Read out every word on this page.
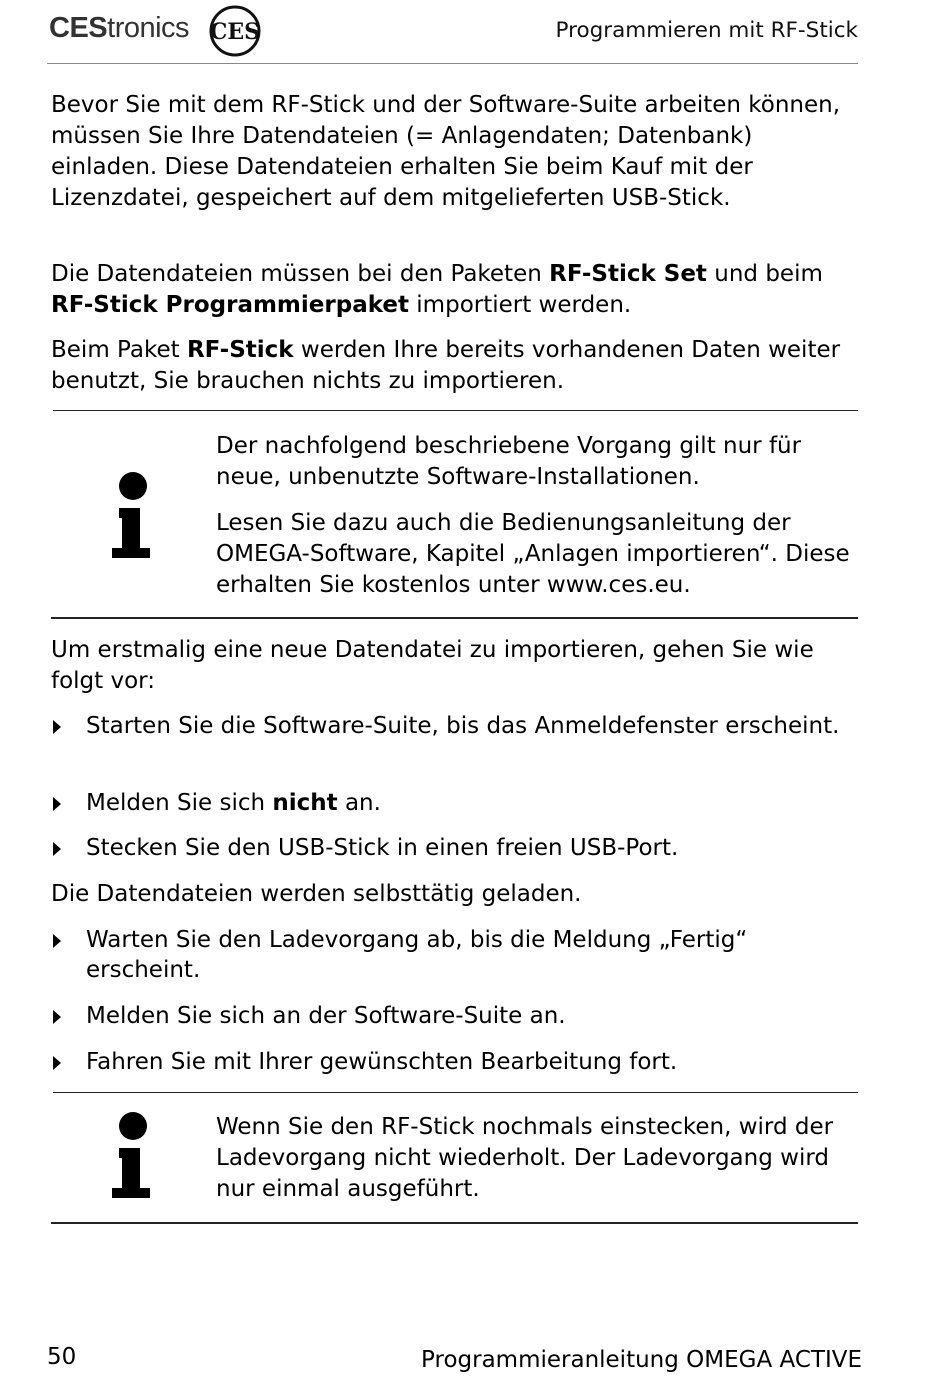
CEStronics CES	Programmieren mit RF-Stick

Bevor Sie mit dem RF-Stick und der Software-Suite arbeiten können, müssen Sie Ihre Datendateien (= Anlagendaten; Datenbank) einladen. Diese Datendateien erhalten Sie beim Kauf mit der Lizenzdatei, gespeichert auf dem mitgelieferten USB-Stick.

Die Datendateien müssen bei den Paketen RF-Stick Set und beim RF-Stick Programmierpaket importiert werden.

Beim Paket RF-Stick werden Ihre bereits vorhandenen Daten weiter benutzt, Sie brauchen nichts zu importieren.

Der nachfolgend beschriebene Vorgang gilt nur für neue, unbenutzte Software-Installationen.

Lesen Sie dazu auch die Bedienungsanleitung der OMEGA-Software, Kapitel „Anlagen importieren“. Diese erhalten Sie kostenlos unter www.ces.eu.

Um erstmalig eine neue Datendatei zu importieren, gehen Sie wie folgt vor:

Starten Sie die Software-Suite, bis das Anmeldefenster erscheint.
Melden Sie sich nicht an.
Stecken Sie den USB-Stick in einen freien USB-Port.

Die Datendateien werden selbsttätig geladen.

Warten Sie den Ladevorgang ab, bis die Meldung „Fertig“ erscheint.
Melden Sie sich an der Software-Suite an.
Fahren Sie mit Ihrer gewünschten Bearbeitung fort.

Wenn Sie den RF-Stick nochmals einstecken, wird der Ladevorgang nicht wiederholt. Der Ladevorgang wird nur einmal ausgeführt.

50	Programmieranleitung OMEGA ACTIVE
